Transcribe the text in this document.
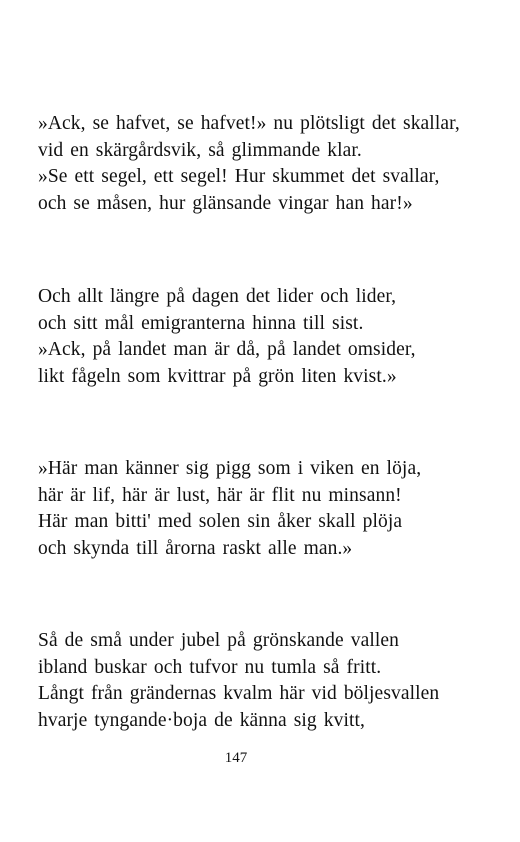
»Ack, se hafvet, se hafvet!» nu plötsligt det skallar,
vid en skärgårdsvik, så glimmande klar.
»Se ett segel, ett segel! Hur skummet det svallar,
och se måsen, hur glänsande vingar han har!»
Och allt längre på dagen det lider och lider,
och sitt mål emigranterna hinna till sist.
»Ack, på landet man är då, på landet omsider,
likt fågeln som kvittrar på grön liten kvist.»
»Här man känner sig pigg som i viken en löja,
här är lif, här är lust, här är flit nu minsann!
Här man bitti' med solen sin åker skall plöja
och skynda till årorna raskt alle man.»
Så de små under jubel på grönskande vallen
ibland buskar och tufvor nu tumla så fritt.
Långt från grändernas kvalm här vid böljesvallen
hvarje tyngande·boja de känna sig kvitt,
147
